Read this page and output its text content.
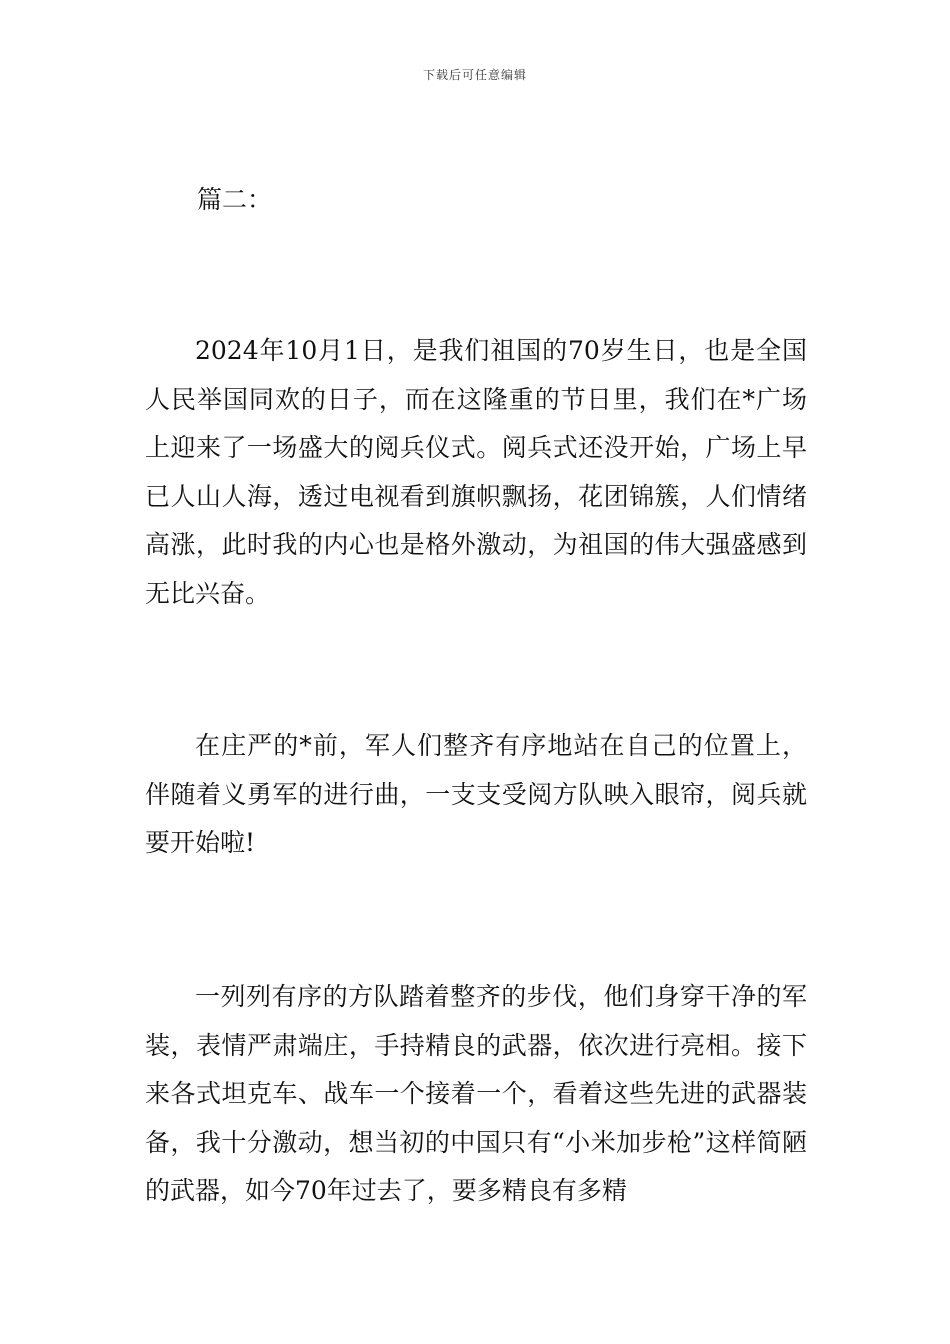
下载后可任意编辑
篇二：

2024年10月1日，是我们祖国的70岁生日，也是全国人民举国同欢的日子，而在这隆重的节日里，我们在*广场上迎来了一场盛大的阅兵仪式。阅兵式还没开始，广场上早已人山人海，透过电视看到旗帜飘扬，花团锦簇，人们情绪高涨，此时我的内心也是格外激动，为祖国的伟大强盛感到无比兴奋。

在庄严的*前，军人们整齐有序地站在自己的位置上，伴随着义勇军的进行曲，一支支受阅方队映入眼帘，阅兵就要开始啦!

一列列有序的方队踏着整齐的步伐，他们身穿干净的军装，表情严肃端庄，手持精良的武器，依次进行亮相。接下来各式坦克车、战车一个接着一个，看着这些先进的武器装备，我十分激动，想当初的中国只有“小米加步枪”这样简陋的武器，如今70年过去了，要多精良有多精
